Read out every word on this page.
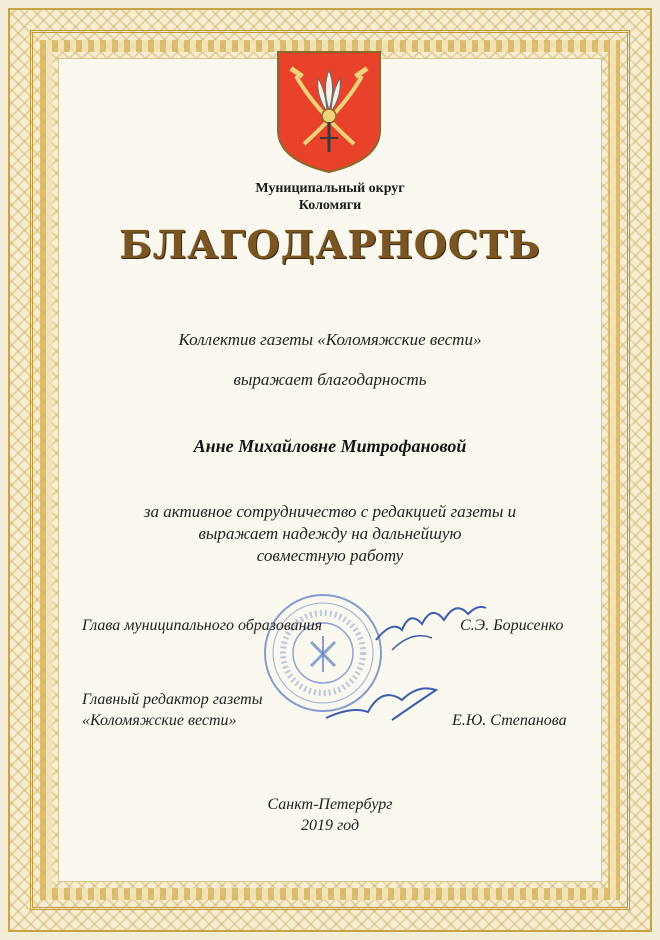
Муниципальный округ
Коломяги
БЛАГОДАРНОСТЬ
Коллектив газеты «Коломяжские вести»
выражает благодарность
Анне Михайловне Митрофановой
за активное сотрудничество с редакцией газеты и
выражает надежду на дальнейшую
совместную работу
Глава муниципального образования	С.Э. Борисенко
Главный редактор газеты
«Коломяжские вести»	Е.Ю. Степанова
Санкт-Петербург
2019 год
